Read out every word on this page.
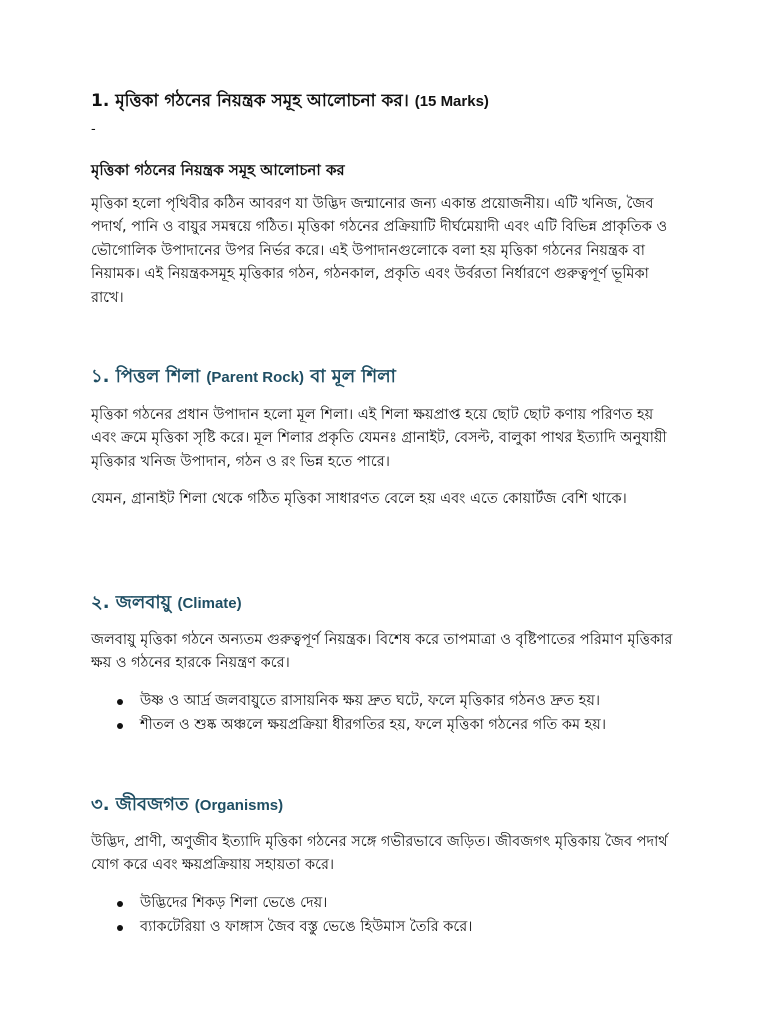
1. মৃত্তিকা গঠনের নিয়ন্ত্রক সমূহ আলোচনা কর। (15 Marks)
-
মৃত্তিকা গঠনের নিয়ন্ত্রক সমূহ আলোচনা কর

মৃত্তিকা হলো পৃথিবীর কঠিন আবরণ যা উদ্ভিদ জন্মানোর জন্য একান্ত প্রয়োজনীয়। এটি খনিজ, জৈব পদার্থ, পানি ও বায়ুর সমন্বয়ে গঠিত। মৃত্তিকা গঠনের প্রক্রিয়াটি দীর্ঘমেয়াদী এবং এটি বিভিন্ন প্রাকৃতিক ও ভৌগোলিক উপাদানের উপর নির্ভর করে। এই উপাদানগুলোকে বলা হয় মৃত্তিকা গঠনের নিয়ন্ত্রক বা নিয়ামক। এই নিয়ন্ত্রকসমূহ মৃত্তিকার গঠন, গঠনকাল, প্রকৃতি এবং উর্বরতা নির্ধারণে গুরুত্বপূর্ণ ভূমিকা রাখে।

১. পিত্তল শিলা (Parent Rock) বা মূল শিলা

মৃত্তিকা গঠনের প্রধান উপাদান হলো মূল শিলা। এই শিলা ক্ষয়প্রাপ্ত হয়ে ছোট ছোট কণায় পরিণত হয় এবং ক্রমে মৃত্তিকা সৃষ্টি করে। মূল শিলার প্রকৃতি যেমনঃ গ্রানাইট, বেসল্ট, বালুকা পাথর ইত্যাদি অনুযায়ী মৃত্তিকার খনিজ উপাদান, গঠন ও রং ভিন্ন হতে পারে।

যেমন, গ্রানাইট শিলা থেকে গঠিত মৃত্তিকা সাধারণত বেলে হয় এবং এতে কোয়ার্টজ বেশি থাকে।

২. জলবায়ু (Climate)

জলবায়ু মৃত্তিকা গঠনে অন্যতম গুরুত্বপূর্ণ নিয়ন্ত্রক। বিশেষ করে তাপমাত্রা ও বৃষ্টিপাতের পরিমাণ মৃত্তিকার ক্ষয় ও গঠনের হারকে নিয়ন্ত্রণ করে।

উষ্ণ ও আর্দ্র জলবায়ুতে রাসায়নিক ক্ষয় দ্রুত ঘটে, ফলে মৃত্তিকার গঠনও দ্রুত হয়।
শীতল ও শুষ্ক অঞ্চলে ক্ষয়প্রক্রিয়া ধীরগতির হয়, ফলে মৃত্তিকা গঠনের গতি কম হয়।
৩. জীবজগত (Organisms)

উদ্ভিদ, প্রাণী, অণুজীব ইত্যাদি মৃত্তিকা গঠনের সঙ্গে গভীরভাবে জড়িত। জীবজগৎ মৃত্তিকায় জৈব পদার্থ যোগ করে এবং ক্ষয়প্রক্রিয়ায় সহায়তা করে।

উদ্ভিদের শিকড় শিলা ভেঙে দেয়।
ব্যাকটেরিয়া ও ফাঙ্গাস জৈব বস্তু ভেঙে হিউমাস তৈরি করে।
